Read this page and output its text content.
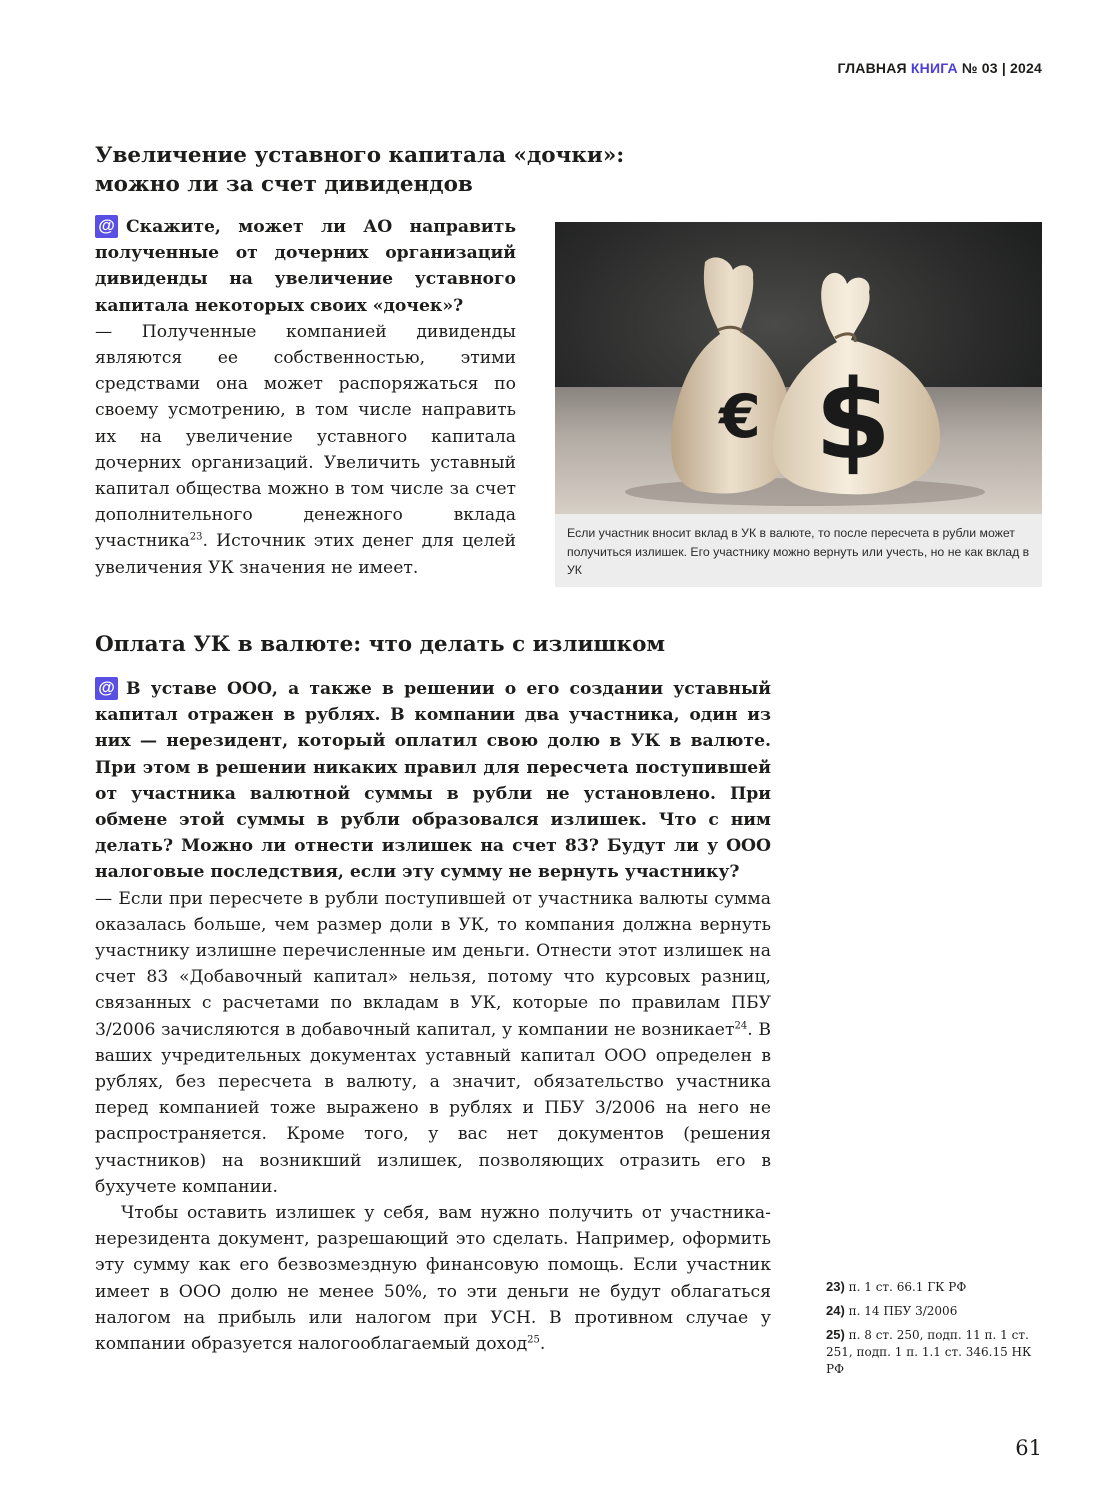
ГЛАВНАЯ КНИГА № 03 | 2024
Увеличение уставного капитала «дочки»:
можно ли за счет дивидендов

@ Скажите, может ли АО направить полученные от дочерних организаций дивиденды на увеличение уставного капитала некоторых своих «дочек»?

— Полученные компанией дивиденды являются ее собственностью, этими средствами она может распоряжаться по своему усмотрению, в том числе направить их на увеличение уставного капитала дочерних организаций. Увеличить уставный капитал общества можно в том числе за счет дополнительного денежного вклада участника$^{23}$. Источник этих денег для целей увеличения УК значения не имеет.

€ $
Если участник вносит вклад в УК в валюте, то после пересчета в рубли может получиться излишек. Его участнику можно вернуть или учесть, но не как вклад в УК
Оплата УК в валюте: что делать с излишком

@ В уставе ООО, а также в решении о его создании уставный капитал отражен в рублях. В компании два участника, один из них — нерезидент, который оплатил свою долю в УК в валюте. При этом в решении никаких правил для пересчета поступившей от участника валютной суммы в рубли не установлено. При обмене этой суммы в рубли образовался излишек. Что с ним делать? Можно ли отнести излишек на счет 83? Будут ли у ООО налоговые последствия, если эту сумму не вернуть участнику?

— Если при пересчете в рубли поступившей от участника валюты сумма оказалась больше, чем размер доли в УК, то компания должна вернуть участнику излишне перечисленные им деньги. Отнести этот излишек на счет 83 «Добавочный капитал» нельзя, потому что курсовых разниц, связанных с расчетами по вкладам в УК, которые по правилам ПБУ 3/2006 зачисляются в добавочный капитал, у компании не возникает$^{24}$. В ваших учредительных документах уставный капитал ООО определен в рублях, без пересчета в валюту, а значит, обязательство участника перед компанией тоже выражено в рублях и ПБУ 3/2006 на него не распространяется. Кроме того, у вас нет документов (решения участников) на возникший излишек, позволяющих отразить его в бухучете компании.

Чтобы оставить излишек у себя, вам нужно получить от участника-нерезидента документ, разрешающий это сделать. Например, оформить эту сумму как его безвозмездную финансовую помощь. Если участник имеет в ООО долю не менее 50%, то эти деньги не будут облагаться налогом на прибыль или налогом при УСН. В противном случае у компании образуется налогооблагаемый доход$^{25}$.

23) п. 1 ст. 66.1 ГК РФ

24) п. 14 ПБУ 3/2006

25) п. 8 ст. 250, подп. 11 п. 1 ст. 251, подп. 1 п. 1.1 ст. 346.15 НК РФ

61
